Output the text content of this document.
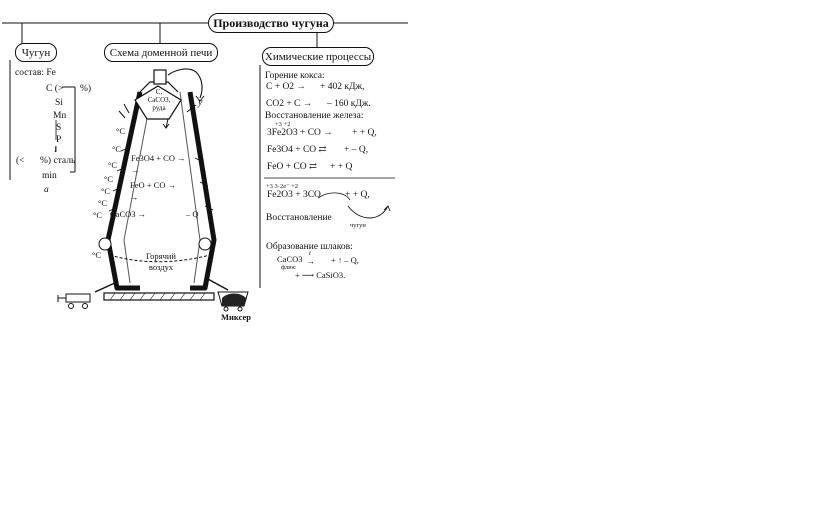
y
Производство чугуна
Чугун	Схема доменной печи	Химические процессы
состав: Fe
C (> %)
Si
Mn
S
P
↓
(< %) сталь
min
a
C,
CaCO3,
руда
°C
°C
°C
°C
°C
°C
°C
°C
Fe3O4 + CO →
→
FeO + CO →
→
CaCO3 →	– Q
Горячий
воздух
Миксер
Горение кокса:
C + O2 → + 402 кДж,
CO2 + C → – 160 кДж.
Восстановление железа:
+3 +2
3Fe2O3 + CO → + + Q,
Fe3O4 + CO ⇄ + – Q,
FeO + CO ⇄ + + Q
+3 3·2e⁻ +2
Fe2O3 + 3CO	+ + Q,
Восстановление
чугун
Образование шлаков:
CaCO3
флюс
t
→ + ↑ – Q,
+ ⟶ CaSiO3.
